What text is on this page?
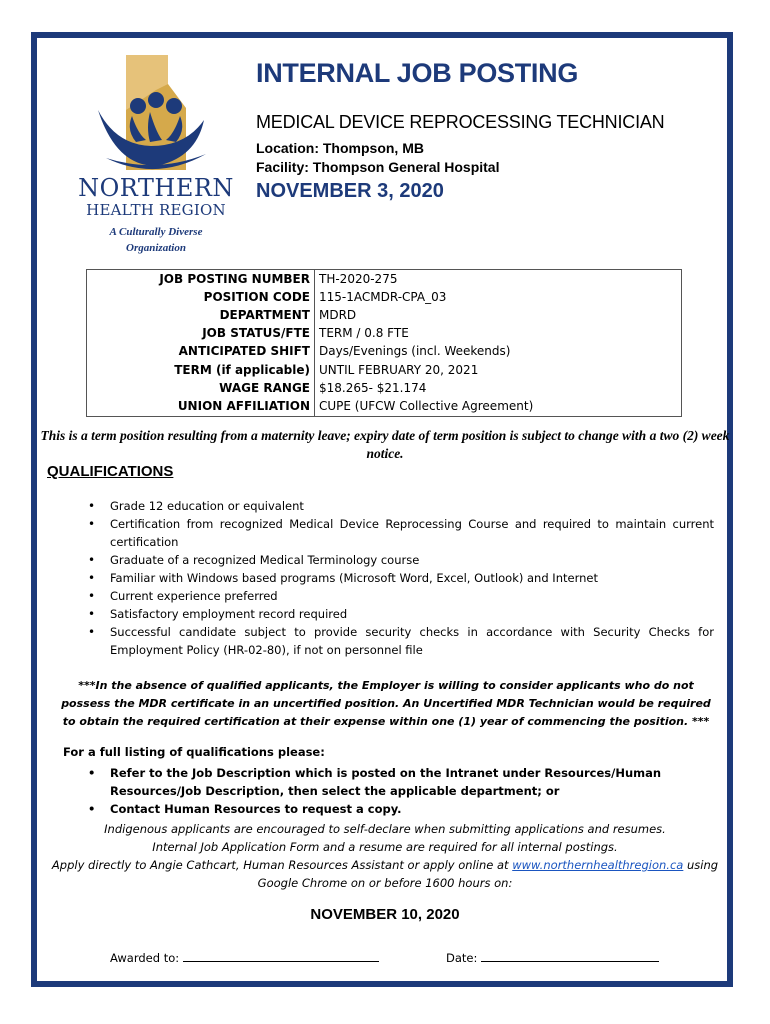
NORTHERN
HEALTH REGION
A Culturally Diverse
Organization
INTERNAL JOB POSTING
MEDICAL DEVICE REPROCESSING TECHNICIAN
Location: Thompson, MB
Facility: Thompson General Hospital
NOVEMBER 3, 2020
JOB POSTING NUMBER	TH-2020-275
POSITION CODE	115-1ACMDR-CPA_03
DEPARTMENT	MDRD
JOB STATUS/FTE	TERM / 0.8 FTE
ANTICIPATED SHIFT	Days/Evenings (incl. Weekends)
TERM (if applicable)	UNTIL FEBRUARY 20, 2021
WAGE RANGE	$18.265- $21.174
UNION AFFILIATION	CUPE (UFCW Collective Agreement)
This is a term position resulting from a maternity leave; expiry date of term position is subject to change with a two (2) week notice.
QUALIFICATIONS
• Grade 12 education or equivalent
• Certification from recognized Medical Device Reprocessing Course and required to maintain current certification
• Graduate of a recognized Medical Terminology course
• Familiar with Windows based programs (Microsoft Word, Excel, Outlook) and Internet
• Current experience preferred
• Satisfactory employment record required
• Successful candidate subject to provide security checks in accordance with Security Checks for Employment Policy (HR-02-80), if not on personnel file
***In the absence of qualified applicants, the Employer is willing to consider applicants who do not possess the MDR certificate in an uncertified position. An Uncertified MDR Technician would be required to obtain the required certification at their expense within one (1) year of commencing the position. ***
For a full listing of qualifications please:
• Refer to the Job Description which is posted on the Intranet under Resources/Human Resources/Job Description, then select the applicable department; or
• Contact Human Resources to request a copy.
Indigenous applicants are encouraged to self-declare when submitting applications and resumes.
Internal Job Application Form and a resume are required for all internal postings.
Apply directly to Angie Cathcart, Human Resources Assistant or apply online at www.northernhealthregion.ca using
Google Chrome on or before 1600 hours on:
NOVEMBER 10, 2020
Awarded to:	Date:
